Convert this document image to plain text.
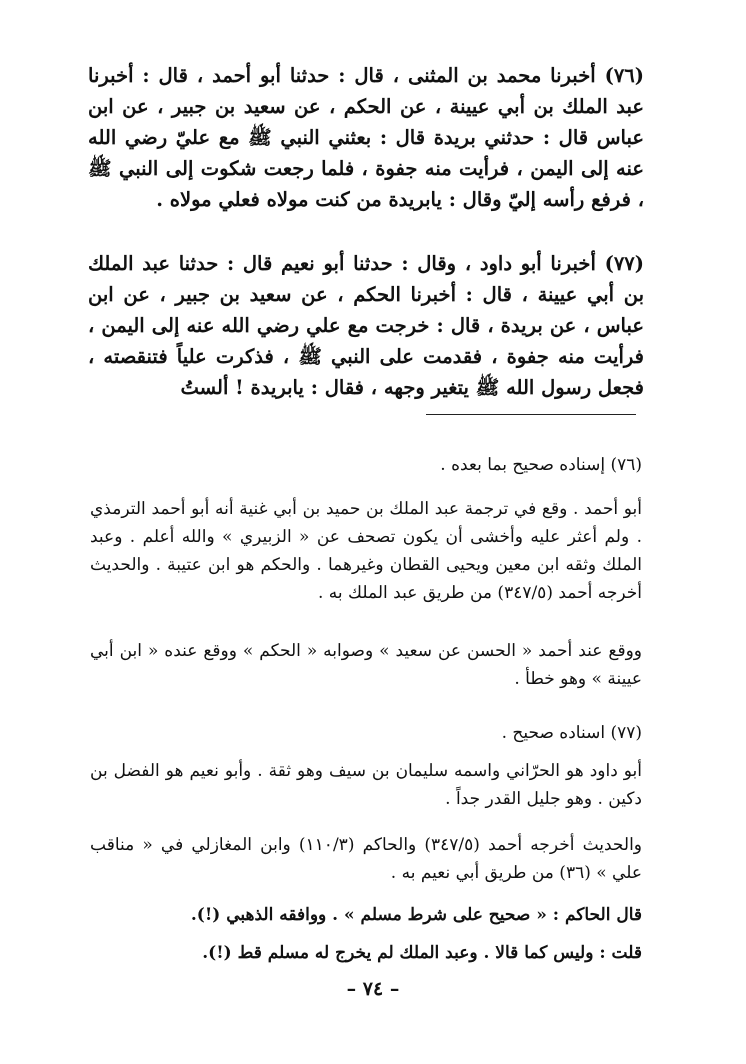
(٧٦) أخبرنا محمد بن المثنى ، قال : حدثنا أبو أحمد ، قال : أخبرنا عبد الملك بن أبي عيينة ، عن الحكم ، عن سعيد بن جبير ، عن ابن عباس قال : حدثني بريدة قال : بعثني النبي ﷺ مع عليّ رضي الله عنه إلى اليمن ، فرأيت منه جفوة ، فلما رجعت شكوت إلى النبي ﷺ ، فرفع رأسه إليّ وقال : يابريدة من كنت مولاه فعلي مولاه .

(٧٧) أخبرنا أبو داود ، وقال : حدثنا أبو نعيم قال : حدثنا عبد الملك بن أبي عيينة ، قال : أخبرنا الحكم ، عن سعيد بن جبير ، عن ابن عباس ، عن بريدة ، قال : خرجت مع علي رضي الله عنه إلى اليمن ، فرأيت منه جفوة ، فقدمت على النبي ﷺ ، فذكرت علياً فتنقصته ، فجعل رسول الله ﷺ يتغير وجهه ، فقال : يابريدة ! ألستُ

(٧٦) إسناده صحيح بما بعده .

أبو أحمد . وقع في ترجمة عبد الملك بن حميد بن أبي غنية أنه أبو أحمد الترمذي . ولم أعثر عليه وأخشى أن يكون تصحف عن « الزبيري » والله أعلم . وعبد الملك وثقه ابن معين ويحيى القطان وغيرهما . والحكم هو ابن عتيبة . والحديث أخرجه أحمد (٣٤٧/٥) من طريق عبد الملك به .

ووقع عند أحمد « الحسن عن سعيد » وصوابه « الحكم » ووقع عنده « ابن أبي عيينة » وهو خطأ .

(٧٧) اسناده صحيح .

أبو داود هو الحرّاني واسمه سليمان بن سيف وهو ثقة . وأبو نعيم هو الفضل بن دكين . وهو جليل القدر جداً .

والحديث أخرجه أحمد (٣٤٧/٥) والحاكم (١١٠/٣) وابن المغازلي في « مناقب علي » (٣٦) من طريق أبي نعيم به .

قال الحاكم : « صحيح على شرط مسلم » . ووافقه الذهبي (!).

قلت : وليس كما قالا . وعبد الملك لم يخرج له مسلم قط (!).

– ٧٤ –
